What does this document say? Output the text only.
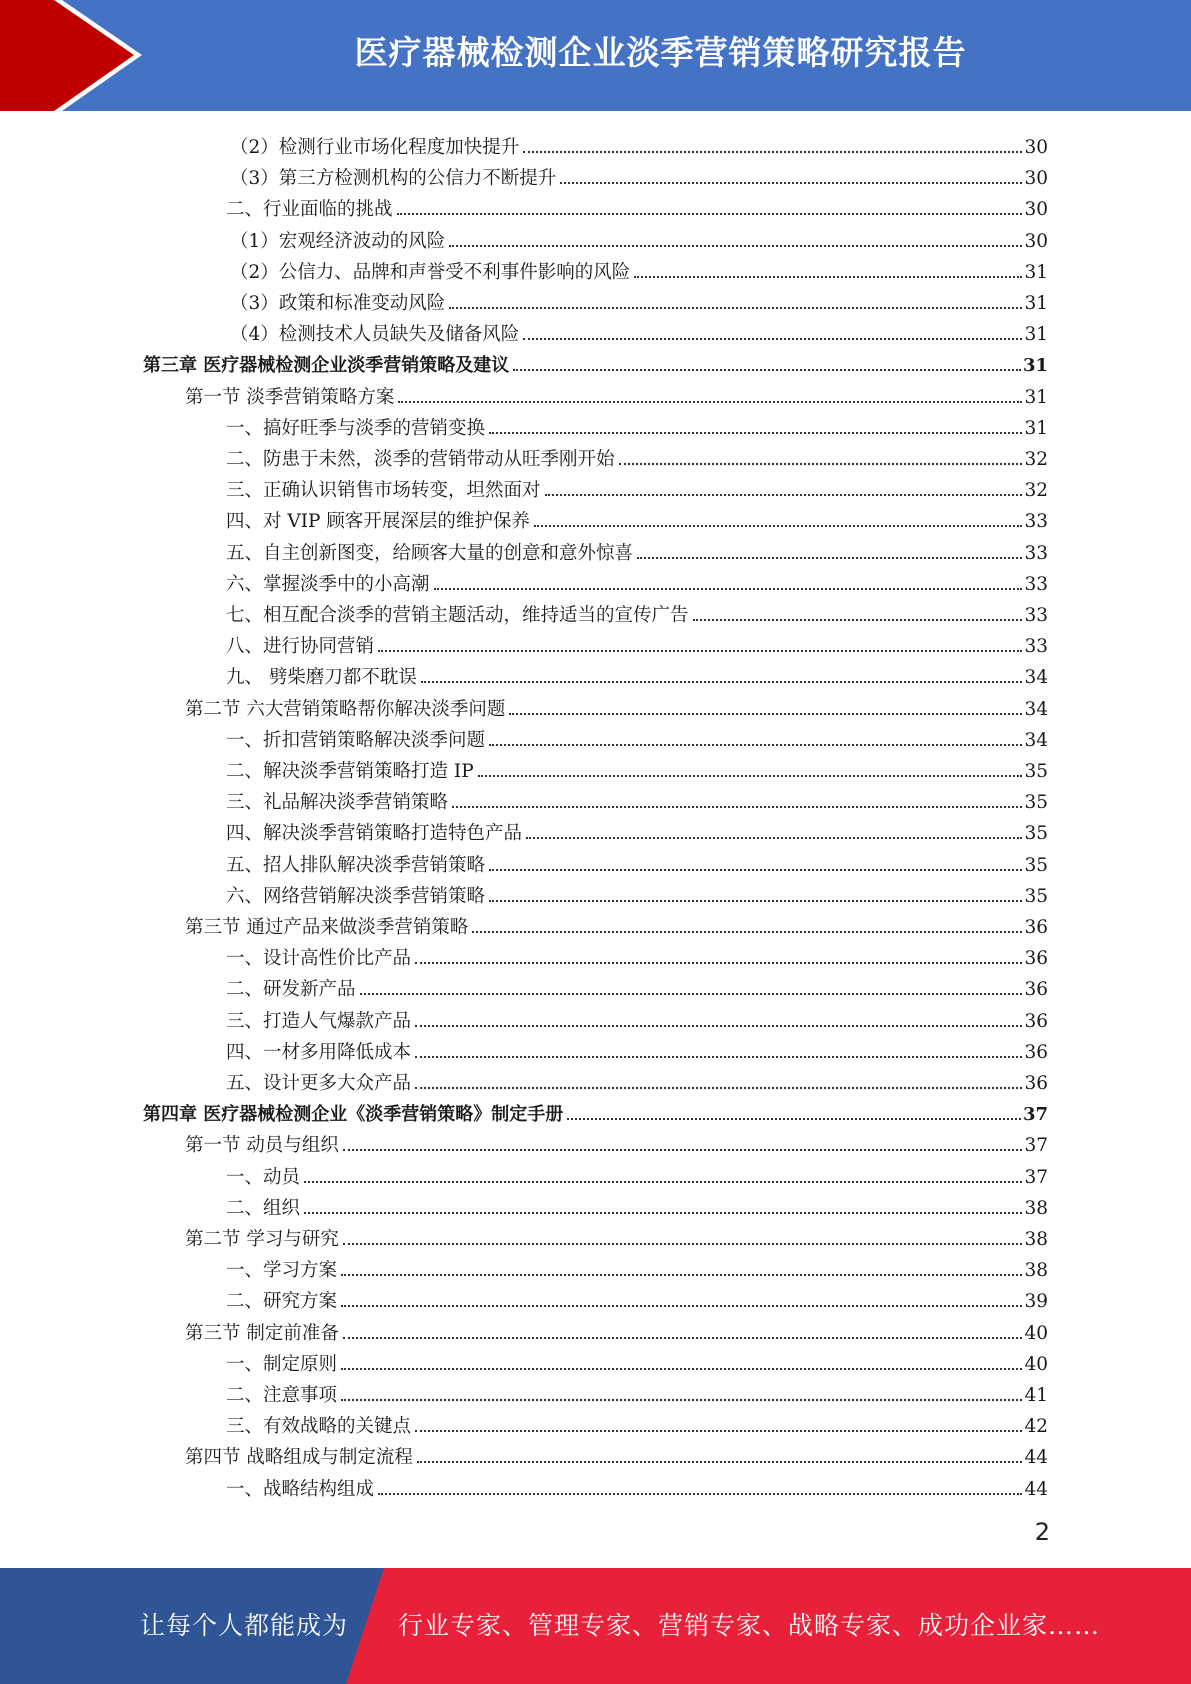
医疗器械检测企业淡季营销策略研究报告
（2）检测行业市场化程度加快提升	30
（3）第三方检测机构的公信力不断提升	30
二、行业面临的挑战	30
（1）宏观经济波动的风险	30
（2）公信力、品牌和声誉受不利事件影响的风险	31
（3）政策和标准变动风险	31
（4）检测技术人员缺失及储备风险	31
第三章 医疗器械检测企业淡季营销策略及建议	31
第一节 淡季营销策略方案	31
一、搞好旺季与淡季的营销变换	31
二、防患于未然，淡季的营销带动从旺季刚开始	32
三、正确认识销售市场转变，坦然面对	32
四、对 VIP 顾客开展深层的维护保养	33
五、自主创新图变，给顾客大量的创意和意外惊喜	33
六、掌握淡季中的小高潮	33
七、相互配合淡季的营销主题活动，维持适当的宣传广告	33
八、进行协同营销	33
九、 劈柴磨刀都不耽误	34
第二节 六大营销策略帮你解决淡季问题	34
一、折扣营销策略解决淡季问题	34
二、解决淡季营销策略打造 IP	35
三、礼品解决淡季营销策略	35
四、解决淡季营销策略打造特色产品	35
五、招人排队解决淡季营销策略	35
六、网络营销解决淡季营销策略	35
第三节 通过产品来做淡季营销策略	36
一、设计高性价比产品	36
二、研发新产品	36
三、打造人气爆款产品	36
四、一材多用降低成本	36
五、设计更多大众产品	36
第四章 医疗器械检测企业《淡季营销策略》制定手册	37
第一节 动员与组织	37
一、动员	37
二、组织	38
第二节 学习与研究	38
一、学习方案	38
二、研究方案	39
第三节 制定前准备	40
一、制定原则	40
二、注意事项	41
三、有效战略的关键点	42
第四节 战略组成与制定流程	44
一、战略结构组成	44
2
让每个人都能成为 行业专家、管理专家、营销专家、战略专家、成功企业家……
